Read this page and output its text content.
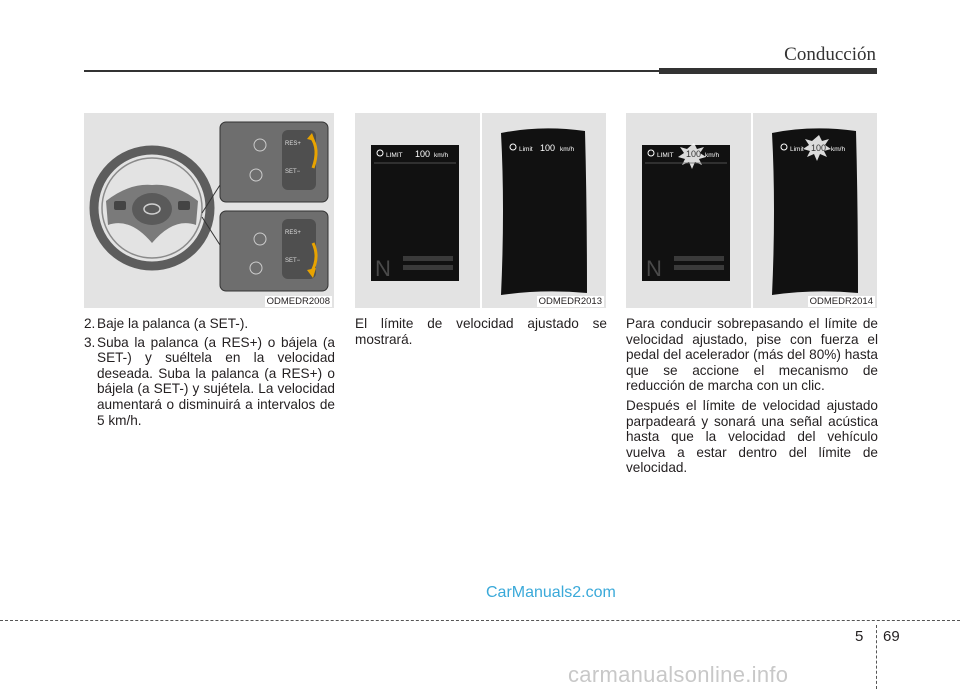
Conducción
RES+
SET−
RES+
SET−
ODMEDR2008
LIMIT 100 km/h
N
Limit 100 km/h
ODMEDR2013
LIMIT 100 km/h
N
Limit 100 km/h
ODMEDR2014
2. Baje la palanca (a SET-).
3. Suba la palanca (a RES+) o bájela (a SET-) y suéltela en la velocidad deseada. Suba la palanca (a RES+) o bájela (a SET-) y sujétela. La velocidad aumentará o disminuirá a intervalos de 5 km/h.

El límite de velocidad ajustado se mostrará.

Para conducir sobrepasando el límite de velocidad ajustado, pise con fuerza el pedal del acelerador (más del 80%) hasta que se accione el mecanismo de reducción de marcha con un clic.

Después el límite de velocidad ajustado parpadeará y sonará una señal acústica hasta que la velocidad del vehículo vuelva a estar dentro del límite de velocidad.

CarManuals2.com
5 69
carmanualsonline.info
